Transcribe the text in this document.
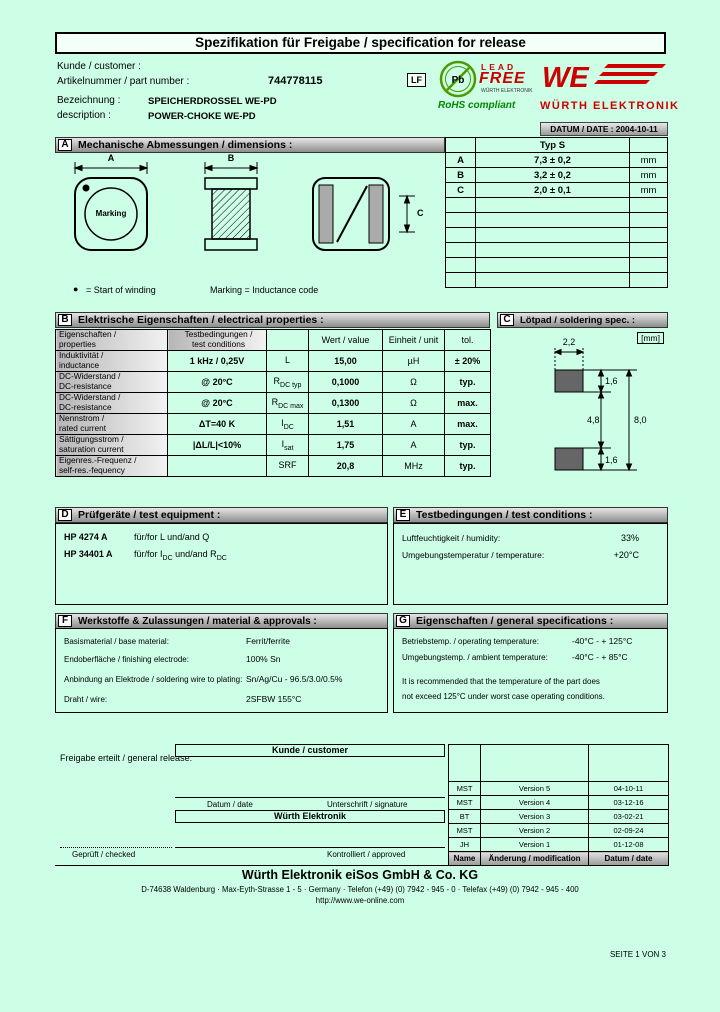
Spezifikation für Freigabe / specification for release
Kunde / customer :
Artikelnummer / part number :	744778115	LF	Pb
LEAD
FREE
WÜRTH ELEKTRONIK
RoHS compliant
WE
WÜRTH ELEKTRONIK
Bezeichnung :	SPEICHERDROSSEL WE-PD
description :	POWER-CHOKE WE-PD
DATUM / DATE : 2004-10-11
A Mechanische Abmessungen / dimensions :
		Typ S	
A	7,3 ± 0,2	mm
B	3,2 ± 0,2	mm
C	2,0 ± 0,1	mm

A	B
C
Marking
● = Start of winding	Marking = Inductance code
B Elektrische Eigenschaften / electrical properties :	C Lötpad / soldering spec. :
Eigenschaften /
properties

Testbedingungen /
test conditions		Wert / value	Einheit / unit	tol.

Induktivität /
inductance	1 kHz / 0,25V	L	15,00	µH	± 20%

DC-Widerstand /
DC-resistance	@ 20°C	$R_{DC typ}$	0,1000	Ω	typ.

DC-Widerstand /
DC-resistance	@ 20°C	$R_{DC max}$	0,1300	Ω	max.

Nennstrom /
rated current	ΔT=40 K	$I_{DC}$	1,51	A	max.

Sättigungsstrom /
saturation current	|ΔL/L|<10%	$I_{sat}$	1,75	A	typ.

Eigenres.-Frequenz /
self-res.-fequency		SRF	20,8	MHz	typ.
[mm]
2,2
1,6
4,8	8,0
1,6
D Prüfgeräte / test equipment :	E Testbedingungen / test conditions :
HP 4274 A	für/for L und/and Q
HP 34401 A für/for $I_{DC}$ und/and $R_{DC}$
Luftfeuchtigkeit / humidity:	33%
Umgebungstemperatur / temperature:	+20°C
F Werkstoffe & Zulassungen / material & approvals :	G Eigenschaften / general specifications :
Basismaterial / base material:	Ferrit/ferrite
Endoberfläche / finishing electrode:	100% Sn
Anbindung an Elektrode / soldering wire to plating: Sn/Ag/Cu - 96.5/3.0/0.5%
Draht / wire:	2SFBW 155°C
Betriebstemp. / operating temperature:	-40°C - + 125°C
Umgebungstemp. / ambient temperature:	-40°C - + 85°C
It is recommended that the temperature of the part does
not exceed 125°C under worst case operating conditions.
Freigabe erteilt / general release:
Kunde / customer
Datum / date	Unterschrift / signature
Würth Elektronik
Geprüft / checked	Kontrolliert / approved

MST	Version 5	04-10-11
MST	Version 4	03-12-16
BT	Version 3	03-02-21
MST	Version 2	02-09-24
JH	Version 1	01-12-08
Name	Änderung / modification	Datum / date
Würth Elektronik eiSos GmbH & Co. KG
D-74638 Waldenburg · Max-Eyth-Strasse 1 - 5 · Germany · Telefon (+49) (0) 7942 - 945 - 0 · Telefax (+49) (0) 7942 - 945 - 400
http://www.we-online.com
SEITE 1 VON 3
